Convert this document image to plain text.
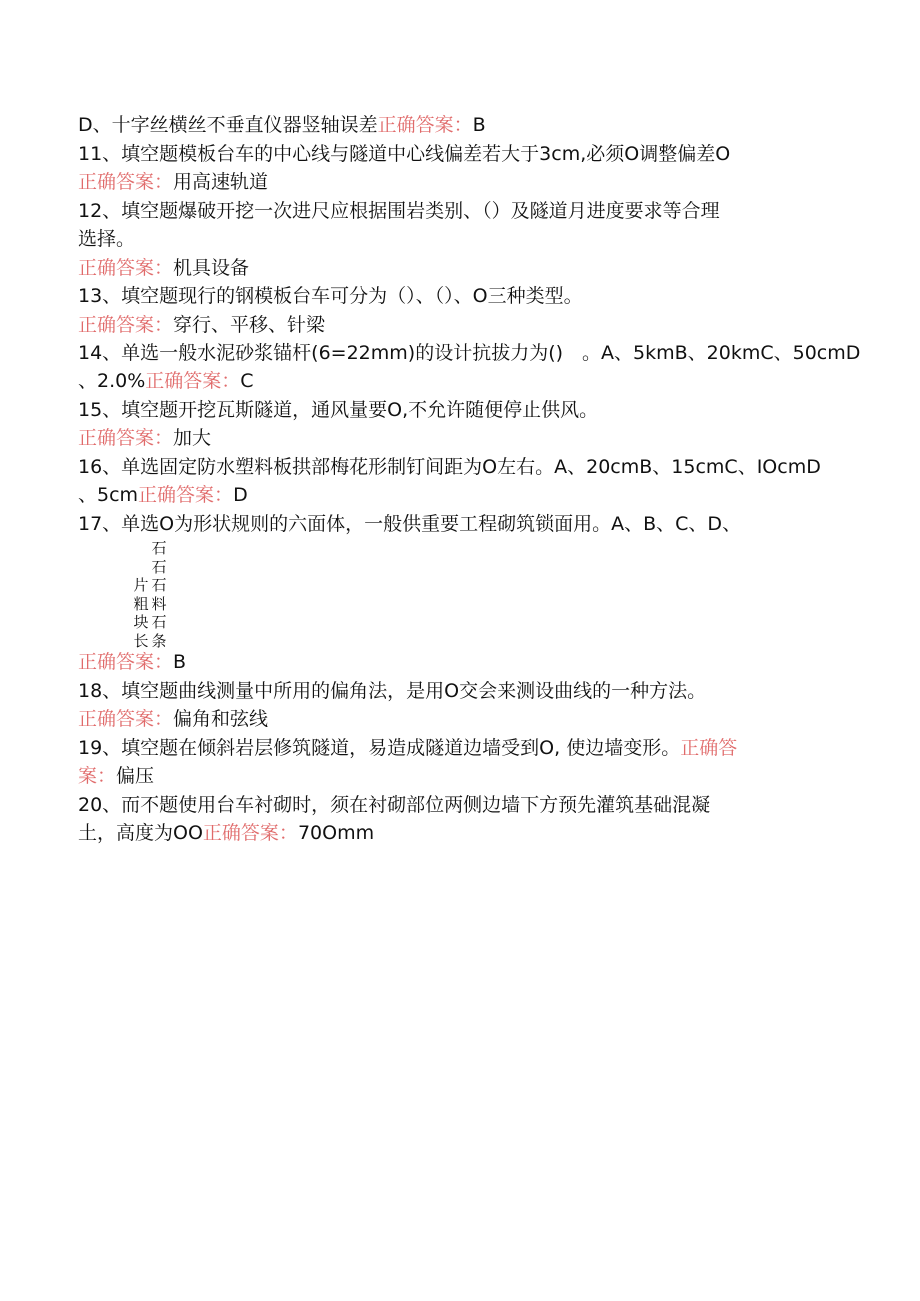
D、十字丝横丝不垂直仪器竖轴误差正确答案：B
11、填空题模板台车的中心线与隧道中心线偏差若大于3cm,必须O调整偏差O
正确答案：用高速轨道
12、填空题爆破开挖一次进尺应根据围岩类别、（）及隧道月进度要求等合理
选择。
正确答案：机具设备
13、填空题现行的钢模板台车可分为（）、（）、O三种类型。
正确答案：穿行、平移、针梁
14、单选一般水泥砂浆锚杆(6=22mm)的设计抗拔力为()　。A、5kmB、20kmC、50cmD
、2.0%正确答案：C
15、填空题开挖瓦斯隧道，通风量要O,不允许随便停止供风。
正确答案：加大
16、单选固定防水塑料板拱部梅花形制钉间距为O左右。A、20cmB、15cmC、IOcmD
、5cm正确答案：D
17、单选O为形状规则的六面体，一般供重要工程砌筑锁面用。A、B、C、D、
片
粗
块
长
石
石
石
料
石
条
正确答案：B
18、填空题曲线测量中所用的偏角法，是用O交会来测设曲线的一种方法。
正确答案：偏角和弦线
19、填空题在倾斜岩层修筑隧道，易造成隧道边墙受到O, 使边墙变形。正确答
案：偏压
20、而不题使用台车衬砌时，须在衬砌部位两侧边墙下方预先灌筑基础混凝
土，高度为OO正确答案：70Omm
